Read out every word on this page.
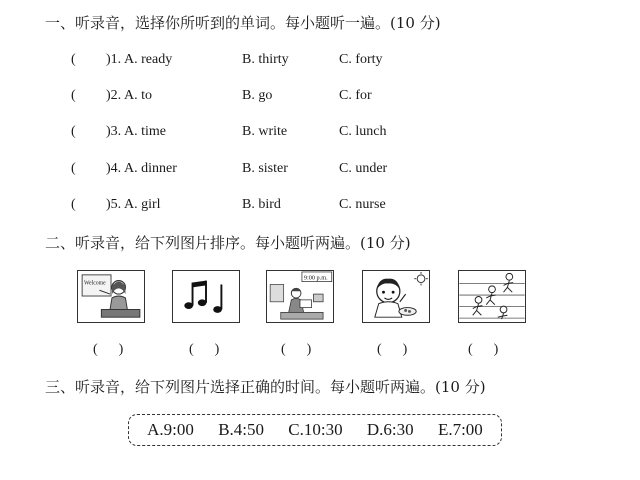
一、听录音，选择你所听到的单词。每小题听一遍。(10 分)
( )1. A. ready	B. thirty	C. forty
( )2. A. to	B. go	C. for
( )3. A. time	B. write	C. lunch
( )4. A. dinner	B. sister	C. under
( )5. A. girl	B. bird	C. nurse
二、听录音，给下列图片排序。每小题听两遍。(10 分)
Welcome
9:00 p.m.
(      )	(      )	(      )	(      )	(      )
三、听录音，给下列图片选择正确的时间。每小题听两遍。(10 分)
A.9:00 B.4:50 C.10:30 D.6:30 E.7:00
